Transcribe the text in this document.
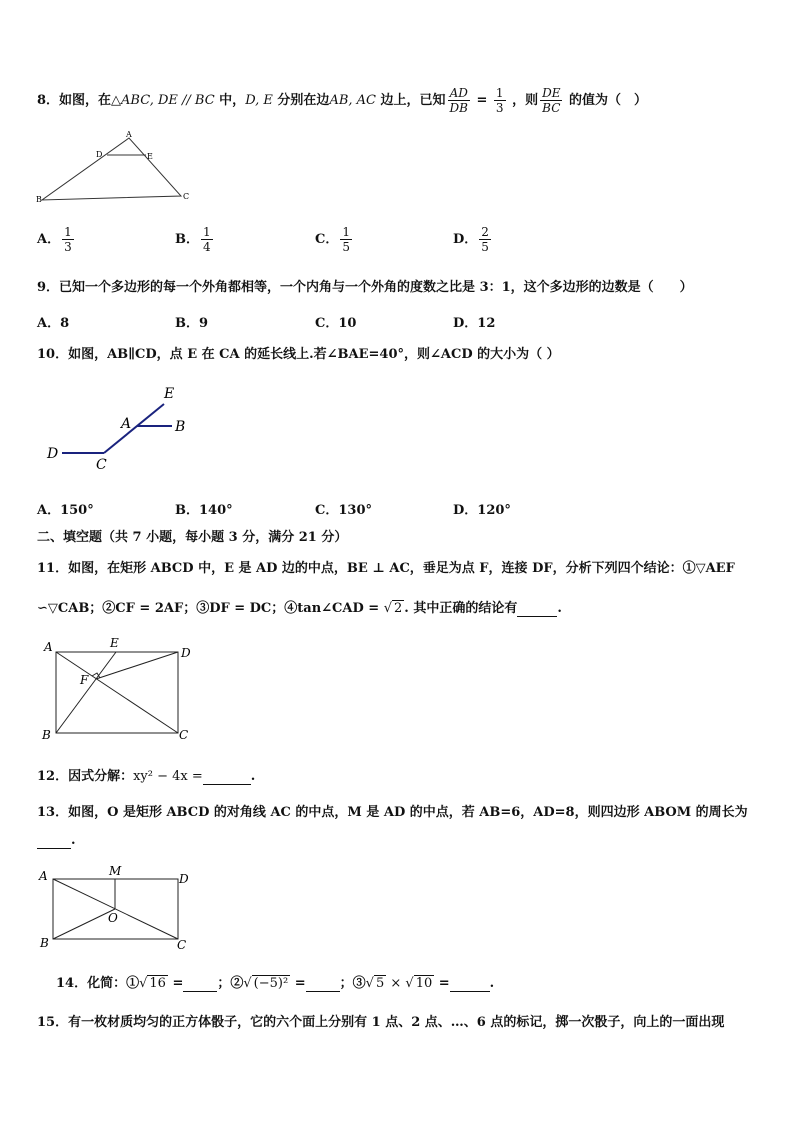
8．如图，在△ABC, DE // BC 中，D, E 分别在边AB, AC 边上，已知 $\frac{AD}{DB} = \frac{1}{3}$ ，则 $\frac{DE}{BC}$ 的值为（　）
A
D	E
B	C
A． $\frac{1}{3}$	B． $\frac{1}{4}$	C． $\frac{1}{5}$	D． $\frac{2}{5}$
9．已知一个多边形的每一个外角都相等，一个内角与一个外角的度数之比是 3：1，这个多边形的边数是（　　）
A．8	B．9	C．10	D．12
10．如图，AB∥CD，点 E 在 CA 的延长线上.若∠BAE=40°，则∠ACD 的大小为（ ）
E
A	B
D
C
A．150°	B．140°	C．130°	D．120°
二、填空题（共 7 小题，每小题 3 分，满分 21 分）
11．如图，在矩形 ABCD 中，E 是 AD 边的中点，BE ⊥ AC，垂足为点 F，连接 DF，分析下列四个结论：①▽AEF
∽▽CAB；②CF = 2AF；③DF = DC；④tan∠CAD = √ 2 . 其中正确的结论有	.
A	E
D
F
B	C
12．因式分解：xy² − 4x =	.
13．如图，O 是矩形 ABCD 的对角线 AC 的中点，M 是 AD 的中点，若 AB=6，AD=8，则四边形 ABOM 的周长为
.
A	M
D
O
B	C
14．化简：①√ 16 =	；②√ (−5)² =	；③√ 5 × √ 10 =	.
15．有一枚材质均匀的正方体骰子，它的六个面上分别有 1 点、2 点、…、6 点的标记，掷一次骰子，向上的一面出现
